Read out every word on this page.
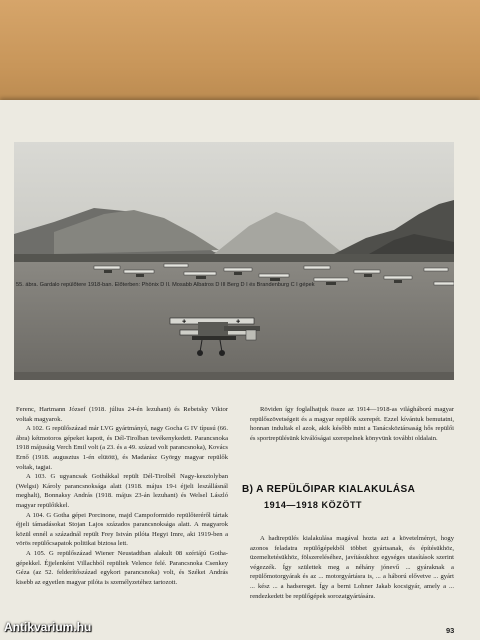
✚	✚
55. ábra. Gardalo repülőtere 1918-ban. Előterben: Phönix D II. Mosabb Albatros D III Berg D I és Brandenburg C I gépek

Ferenc, Hartmann József (1918. július 24-én lezuhant) és Rebetsky Viktor voltak magyarok.

A 102. G repülőszázad már LVG gyártmányú, nagy Gocha G IV típusú (66. ábra) kétmotoros gépeket kapott, és Dél-Tirolban tevékenykedett. Parancsnoka 1918 májusáig Verch Emil volt (a 23. és a 49. század volt parancsnoka), Kovács Ernő (1918. augusztus 1-én elütött), és Madarász György magyar repülők voltak, tagjai.

A 103. G ugyancsak Gothákkal repült Dél-Tirolbél Nagy-kesztolyban (Welgsi) Károly parancsnoksága alatt (1918. május 19-i éjjeli leszállásnál meghalt), Bonnaksy András (1918. május 23-án lezuhant) és Welsel László magyar repülőikkel.

A 104. G Gotha gépei Porcinone, majd Campoformido repülőteréről tártak éjjeli támadásokat Stojan Lajos százados parancsnoksága alatt. A magyarok közül ennél a századnál repült Frey István pilóta Hegyi Imre, aki 1919-ben a vörös repülőcsapatok politikai biztosa lett.

A 105. G repülőszázad Wiener Neustadtban alakult 08 szériájú Gotha-gépekkel. Éjjelenként Villachból repültek Velence felé. Parancsnoka Csenkey Géza (az 52. felderítőszázad egykori parancsnoka) volt, és Székei András kisebb az egyetlen magyar pilóta is személyzetéhez tartozott.

Röviden így foglalhatjuk össze az 1914—1918-as világháború magyar repülőszövetségeit és a magyar repülők szerepét. Ezzel kívántuk bemutatni, honnan indultak el azok, akik később mint a Tanácsköztársaság hős repülői és sportrepülésünk kiválóságai szerepelnek könyvünk további oldalain.

B) A REPÜLŐIPAR KIALAKULÁSA
1914—1918 KÖZÖTT

A hadirepülés kialakulása magával hozta azt a követelményt, hogy azonos feladatra repülőgépekből többet gyártsanak, és építésükhöz, üzemeltetésükhöz, fölszereléséhez, javításukhoz egységes utasítások szerint végezzék. Így születtek meg a néhány jónevű ... gyáraknak a repülőmotorgyárak és az ... motorgyártásra is, ... a háború elővetve ... gyárt ... kész ... a hadsereget. Így a berni Lohner Jakab kocsigyár, amely a ... rendezkedett be repülőgépek sorozatgyártására.

93
Antikvarium.hu
